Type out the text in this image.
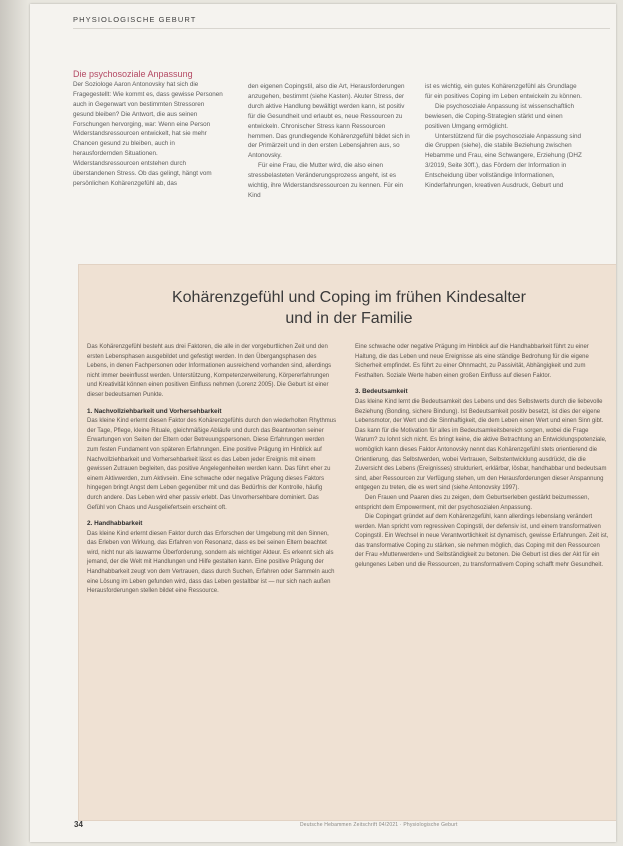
PHYSIOLOGISCHE GEBURT

Die psychosoziale Anpassung

Der Soziologe Aaron Antonovsky hat sich die Fragegestellt: Wie kommt es, dass gewisse Personen auch in Gegenwart von bestimmten Stressoren gesund bleiben? Die Antwort, die aus seinen Forschungen hervorging, war: Wenn eine Person Widerstandsressourcen entwickelt, hat sie mehr Chancen gesund zu bleiben, auch in herausfordernden Situationen. Widerstandsressourcen entstehen durch überstandenen Stress. Ob das gelingt, hängt vom persönlichen Kohärenzgefühl ab, das

den eigenen Copingstil, also die Art, Herausforderungen anzugehen, bestimmt (siehe Kasten). Akuter Stress, der durch aktive Handlung bewältigt werden kann, ist positiv für die Gesundheit und erlaubt es, neue Ressourcen zu entwickeln. Chronischer Stress kann Ressourcen hemmen. Das grundlegende Kohärenzgefühl bildet sich in der Primärzeit und in den ersten Lebensjahren aus, so Antonovsky.

Für eine Frau, die Mutter wird, die also einen stressbelasteten Veränderungsprozess angeht, ist es wichtig, ihre Widerstandsressourcen zu kennen. Für ein Kind

ist es wichtig, ein gutes Kohärenzgefühl als Grundlage für ein positives Coping im Leben entwickeln zu können.

Die psychosoziale Anpassung ist wissenschaftlich bewiesen, die Coping-Strategien stärkt und einen positiven Umgang ermöglicht.

Unterstützend für die psychosoziale Anpassung sind die Gruppen (siehe), die stabile Beziehung zwischen Hebamme und Frau, eine Schwangere, Erziehung (DHZ 3/2019, Seite 30ff.), das Fördern der Information in Entscheidung über vollständige Informationen, Kinderfahrungen, kreativen Ausdruck, Geburt und

Kohärenzgefühl und Coping im frühen Kindesalter
und in der Familie

Das Kohärenzgefühl besteht aus drei Faktoren, die alle in der vorgeburtlichen Zeit und den ersten Lebensphasen ausgebildet und gefestigt werden. In den Übergangsphasen des Lebens, in denen Fachpersonen oder Informationen ausreichend vorhanden sind, allerdings nicht immer beeinflusst werden. Unterstützung, Kompetenzerweiterung, Körpererfahrungen und Kreativität können einen positiven Einfluss nehmen (Lorenz 2005). Die Geburt ist einer dieser bedeutsamen Punkte.

1. Nachvollziehbarkeit und Vorhersehbarkeit

Das kleine Kind erlernt diesen Faktor des Kohärenzgefühls durch den wiederholten Rhythmus der Tage, Pflege, kleine Rituale, gleichmäßige Abläufe und durch das Beantworten seiner Erwartungen von Seiten der Eltern oder Betreuungspersonen. Diese Erfahrungen werden zum festen Fundament von späteren Erfahrungen. Eine positive Prägung im Hinblick auf Nachvollziehbarkeit und Vorhersehbarkeit lässt es das Leben jeder Ereignis mit einem gewissen Zutrauen begleiten, das positive Angelegenheiten werden kann. Das führt eher zu einem Aktivwerden, zum Aktivsein. Eine schwache oder negative Prägung dieses Faktors hingegen bringt Angst dem Leben gegenüber mit und das Bedürfnis der Kontrolle, häufig durch andere. Das Leben wird eher passiv erlebt. Das Unvorhersehbare dominiert. Das Gefühl von Chaos und Ausgeliefertsein erscheint oft.

2. Handhabbarkeit

Das kleine Kind erlernt diesen Faktor durch das Erforschen der Umgebung mit den Sinnen, das Erleben von Wirkung, das Erfahren von Resonanz, dass es bei seinen Eltern beachtet wird, nicht nur als lauwarme Überforderung, sondern als wichtiger Akteur. Es erkennt sich als jemand, der die Welt mit Handlungen und Hilfe gestalten kann. Eine positive Prägung der Handhabbarkeit zeugt von dem Vertrauen, dass durch Suchen, Erfahren oder Sammeln auch eine Lösung im Leben gefunden wird, dass das Leben gestaltbar ist — nur sich nach außen Herausforderungen stellen bildet eine Ressource.

Eine schwache oder negative Prägung im Hinblick auf die Handhabbarkeit führt zu einer Haltung, die das Leben und neue Ereignisse als eine ständige Bedrohung für die eigene Sicherheit empfindet. Es führt zu einer Ohnmacht, zu Passivität, Abhängigkeit und zum Festhalten. Soziale Werte haben einen großen Einfluss auf diesen Faktor.

3. Bedeutsamkeit

Das kleine Kind lernt die Bedeutsamkeit des Lebens und des Selbstwerts durch die liebevolle Beziehung (Bonding, sichere Bindung). Ist Bedeutsamkeit positiv besetzt, ist dies der eigene Lebensmotor, der Wert und die Sinnhaftigkeit, die dem Leben einen Wert und einen Sinn gibt. Das kann für die Motivation für alles im Bedeutsamkeitsbereich sorgen, wobei die Frage Warum? zu lohnt sich nicht. Es bringt keine, die aktive Betrachtung an Entwicklungspotenziale, womöglich kann dieses Faktor Antonovsky nennt das Kohärenzgefühl stets orientierend die Orientierung, das Selbstwerden, wobei Vertrauen, Selbstentwicklung ausdrückt, die die Zuversicht des Lebens (Ereignisses) strukturiert, erklärbar, lösbar, handhabbar und bedeutsam sind, aber Ressourcen zur Verfügung stehen, um den Herausforderungen dieser Anspannung entgegen zu treten, die es wert sind (siehe Antonovsky 1997).

Den Frauen und Paaren dies zu zeigen, dem Geburtserleben gestärkt beizumessen, entspricht dem Empowerment, mit der psychosozialen Anpassung.

Die Copingart gründet auf dem Kohärenzgefühl, kann allerdings lebenslang verändert werden. Man spricht vom regressiven Copingstil, der defensiv ist, und einem transformativen Copingstil. Ein Wechsel in neue Verantwortlichkeit ist dynamisch, gewisse Erfahrungen. Zeit ist, das transformative Coping zu stärken, sie nehmen möglich, das Coping mit den Ressourcen der Frau «Mutterwerden» und Selbständigkeit zu betonen. Die Geburt ist dies der Akt für ein gelungenes Leben und die Ressourcen, zu transformativem Coping schafft mehr Gesundheit.

34	Deutsche Hebammen Zeitschrift 04/2021 · Physiologische Geburt
